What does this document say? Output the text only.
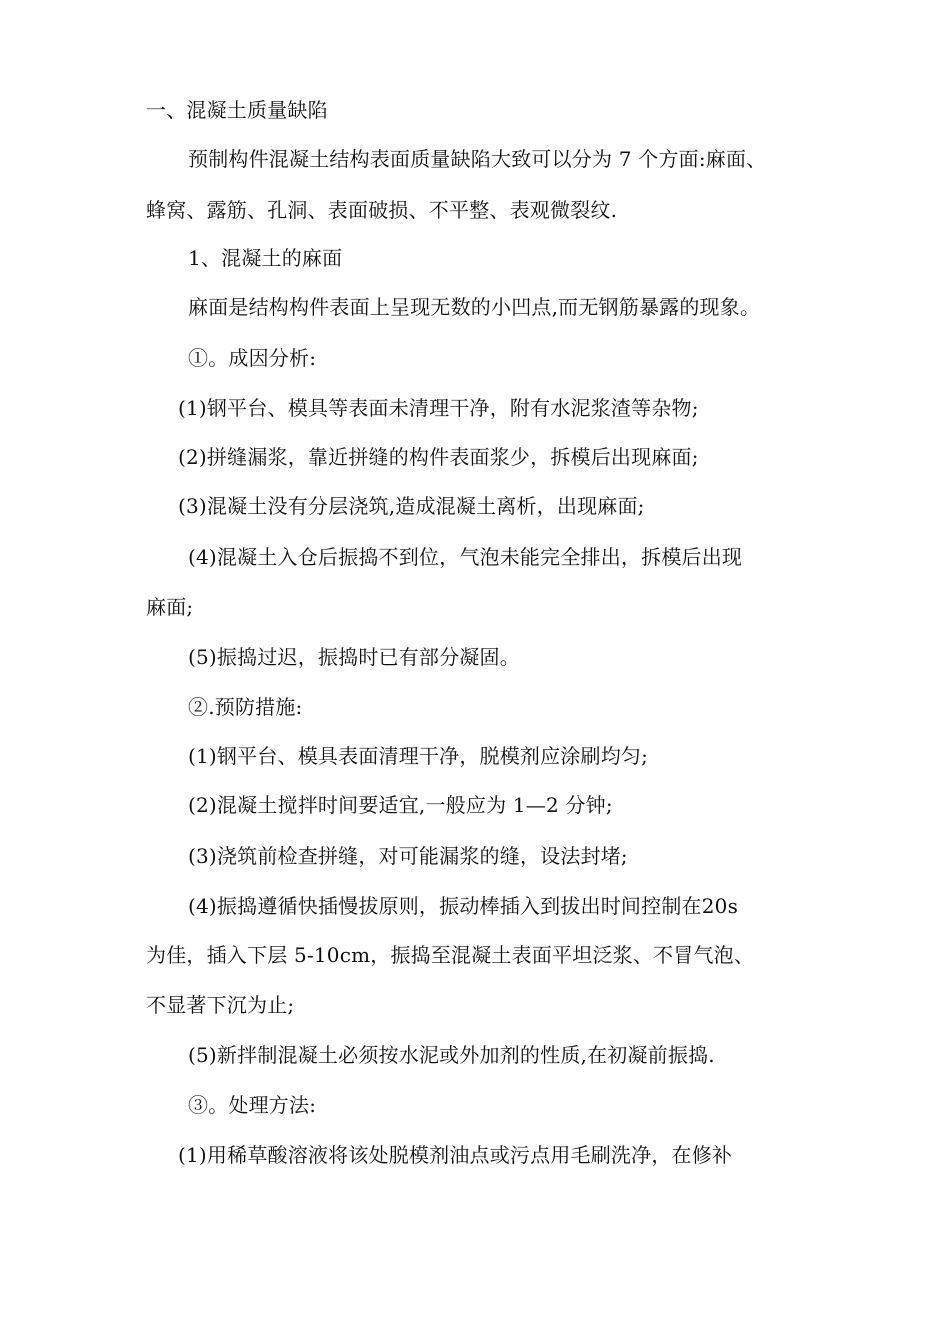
一、混凝土质量缺陷
预制构件混凝土结构表面质量缺陷大致可以分为 7 个方面:麻面、
蜂窝、露筋、孔洞、表面破损、不平整、表观微裂纹.
1、混凝土的麻面
麻面是结构构件表面上呈现无数的小凹点,而无钢筋暴露的现象。
①。成因分析:
(1)钢平台、模具等表面未清理干净，附有水泥浆渣等杂物;
(2)拼缝漏浆，靠近拼缝的构件表面浆少，拆模后出现麻面;
(3)混凝土没有分层浇筑,造成混凝土离析，出现麻面;
(4)混凝土入仓后振捣不到位，气泡未能完全排出，拆模后出现
麻面;
(5)振捣过迟，振捣时已有部分凝固。
②.预防措施:
(1)钢平台、模具表面清理干净，脱模剂应涂刷均匀;
(2)混凝土搅拌时间要适宜,一般应为 1—2 分钟;
(3)浇筑前检查拼缝，对可能漏浆的缝，设法封堵;
(4)振捣遵循快插慢拔原则，振动棒插入到拔出时间控制在20s
为佳，插入下层 5-10cm，振捣至混凝土表面平坦泛浆、不冒气泡、
不显著下沉为止;
(5)新拌制混凝土必须按水泥或外加剂的性质,在初凝前振捣.
③。处理方法:
(1)用稀草酸溶液将该处脱模剂油点或污点用毛刷洗净，在修补
